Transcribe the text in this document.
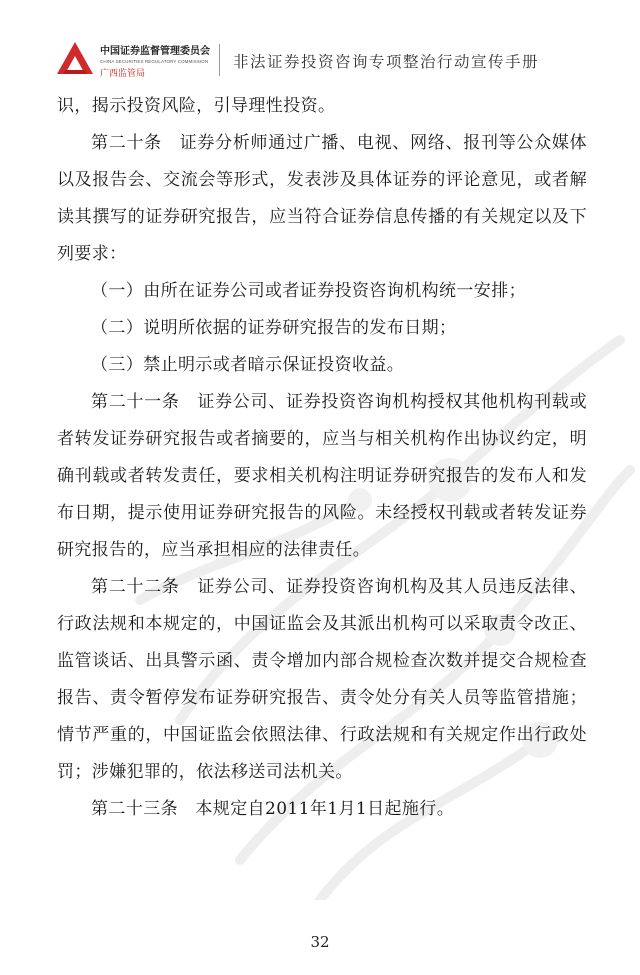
中国证券监督管理委员会
CHINA SECURITIES REGULATORY COMMISSION
广西监管局
非法证券投资咨询专项整治行动宣传手册

识，揭示投资风险，引导理性投资。

第二十条　证券分析师通过广播、电视、网络、报刊等公众媒体以及报告会、交流会等形式，发表涉及具体证券的评论意见，或者解读其撰写的证券研究报告，应当符合证券信息传播的有关规定以及下列要求：

（一）由所在证券公司或者证券投资咨询机构统一安排；

（二）说明所依据的证券研究报告的发布日期；

（三）禁止明示或者暗示保证投资收益。

第二十一条　证券公司、证券投资咨询机构授权其他机构刊载或者转发证券研究报告或者摘要的，应当与相关机构作出协议约定，明确刊载或者转发责任，要求相关机构注明证券研究报告的发布人和发布日期，提示使用证券研究报告的风险。未经授权刊载或者转发证券研究报告的，应当承担相应的法律责任。

第二十二条　证券公司、证券投资咨询机构及其人员违反法律、行政法规和本规定的，中国证监会及其派出机构可以采取责令改正、监管谈话、出具警示函、责令增加内部合规检查次数并提交合规检查报告、责令暂停发布证券研究报告、责令处分有关人员等监管措施；情节严重的，中国证监会依照法律、行政法规和有关规定作出行政处罚；涉嫌犯罪的，依法移送司法机关。

第二十三条　本规定自2011年1月1日起施行。

32
